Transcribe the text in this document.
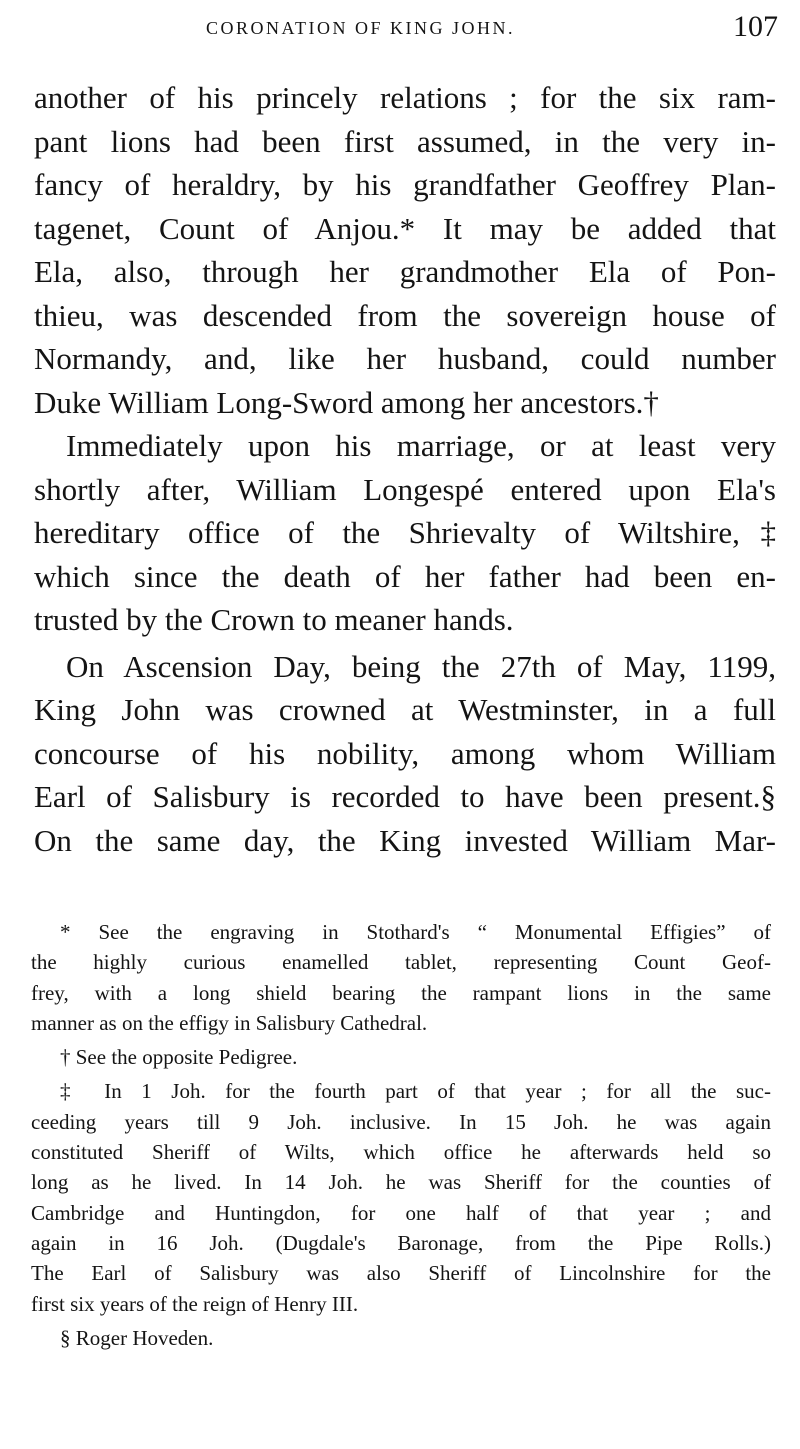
CORONATION OF KING JOHN.	107
another of his princely relations ; for the six ram-
pant lions had been first assumed, in the very in-
fancy of heraldry, by his grandfather Geoffrey Plan-
tagenet, Count of Anjou.* It may be added that
Ela, also, through her grandmother Ela of Pon-
thieu, was descended from the sovereign house of
Normandy, and, like her husband, could number
Duke William Long-Sword among her ancestors.†
Immediately upon his marriage, or at least very
shortly after, William Longespé entered upon Ela's
hereditary office of the Shrievalty of Wiltshire,‡
which since the death of her father had been en-
trusted by the Crown to meaner hands.
On Ascension Day, being the 27th of May, 1199,
King John was crowned at Westminster, in a full
concourse of his nobility, among whom William
Earl of Salisbury is recorded to have been present.§
On the same day, the King invested William Mar-
* See the engraving in Stothard's “ Monumental Effigies” of
the highly curious enamelled tablet, representing Count Geof-
frey, with a long shield bearing the rampant lions in the same
manner as on the effigy in Salisbury Cathedral.
† See the opposite Pedigree.
‡ In 1 Joh. for the fourth part of that year ; for all the suc-
ceeding years till 9 Joh. inclusive. In 15 Joh. he was again
constituted Sheriff of Wilts, which office he afterwards held so
long as he lived. In 14 Joh. he was Sheriff for the counties of
Cambridge and Huntingdon, for one half of that year ; and
again in 16 Joh. (Dugdale's Baronage, from the Pipe Rolls.)
The Earl of Salisbury was also Sheriff of Lincolnshire for the
first six years of the reign of Henry III.
§ Roger Hoveden.
